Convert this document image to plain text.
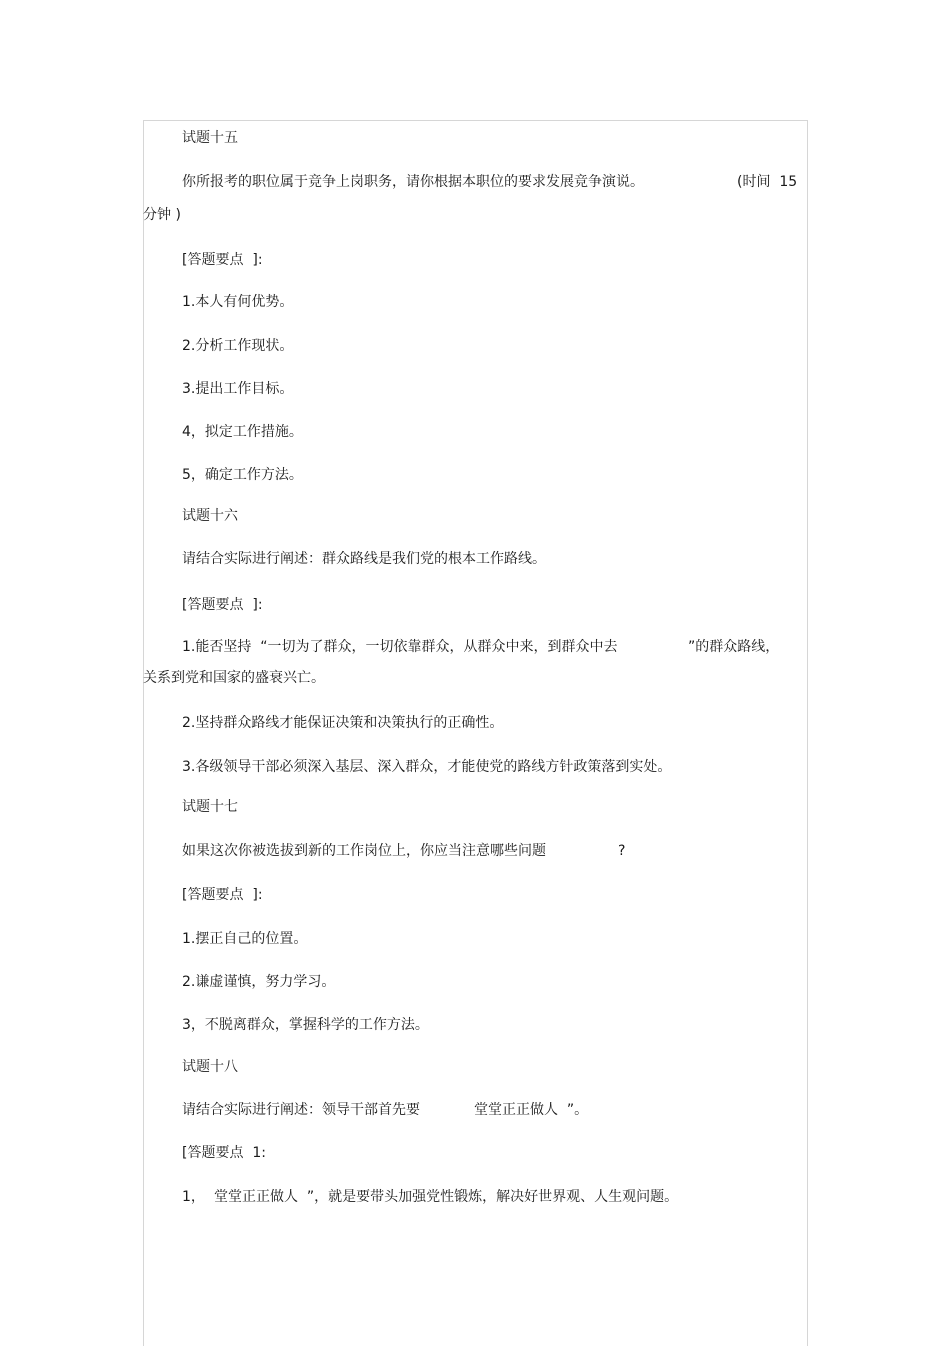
试题十五
你所报考的职位属于竞争上岗职务，请你根据本职位的要求发展竞争演说。	(时间  15
分钟 )
[答题要点  ]:
1.本人有何优势。
2.分析工作现状。
3.提出工作目标。
4，拟定工作措施。
5，确定工作方法。
试题十六
请结合实际进行阐述：群众路线是我们党的根本工作路线。
[答题要点  ]:
1.能否坚持  “一切为了群众，一切依靠群众，从群众中来，到群众中去	”的群众路线，
关系到党和国家的盛衰兴亡。
2.坚持群众路线才能保证决策和决策执行的正确性。
3.各级领导干部必须深入基层、深入群众，才能使党的路线方针政策落到实处。
试题十七
如果这次你被选拔到新的工作岗位上，你应当注意哪些问题	?
[答题要点  ]:
1.摆正自己的位置。
2.谦虚谨慎，努力学习。
3，不脱离群众，掌握科学的工作方法。
试题十八
请结合实际进行阐述：领导干部首先要	堂堂正正做人  ”。
[答题要点  1:
1， 堂堂正正做人  ”，就是要带头加强党性锻炼，解决好世界观、人生观问题。
